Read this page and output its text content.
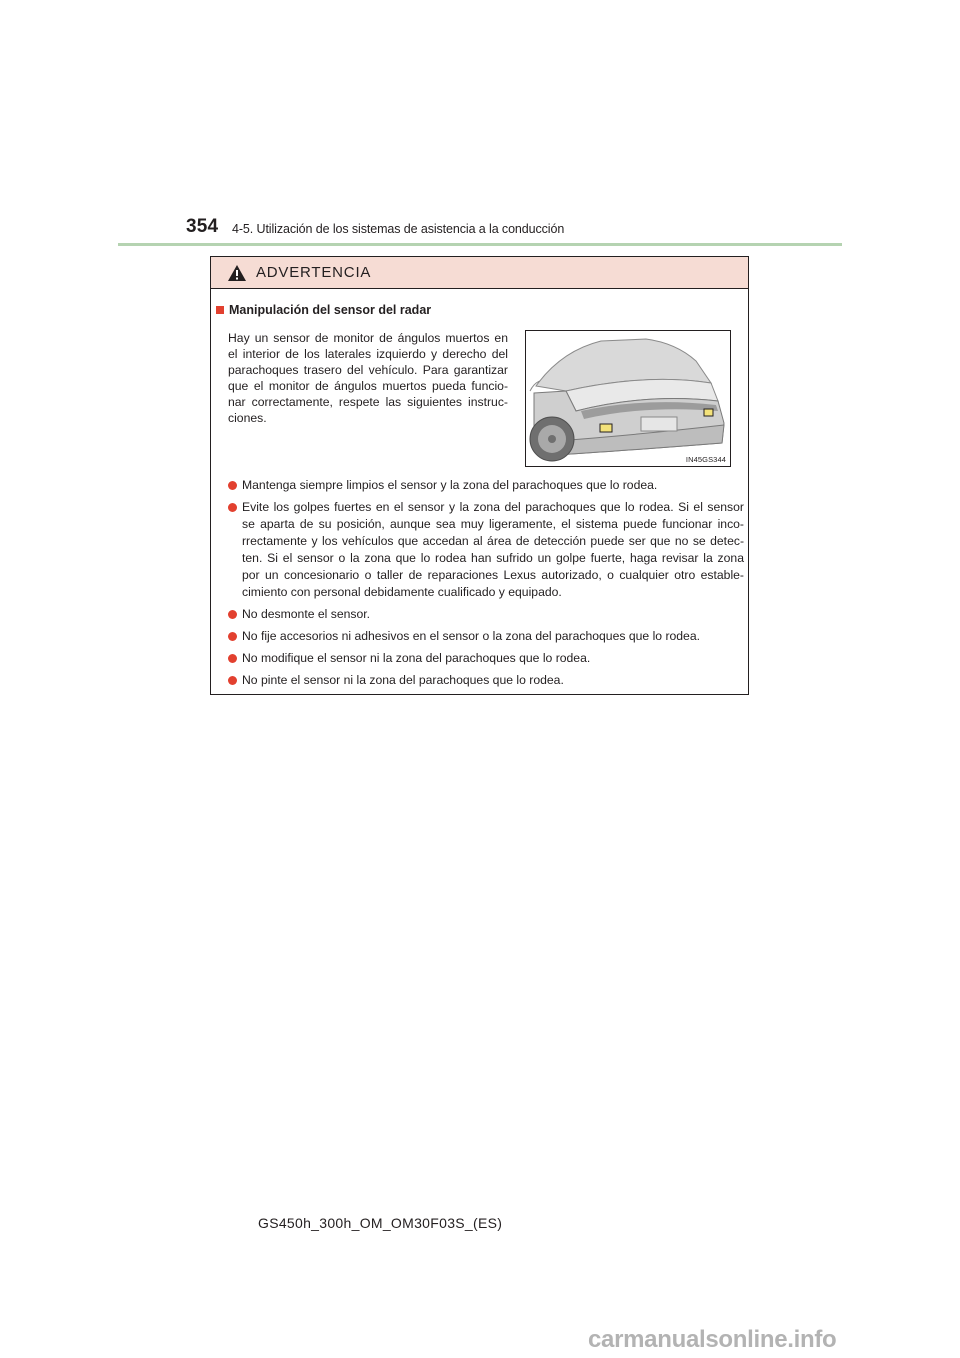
354 4-5. Utilización de los sistemas de asistencia a la conducción
ADVERTENCIA
Manipulación del sensor del radar
Hay un sensor de monitor de ángulos muertos en
el interior de los laterales izquierdo y derecho del
parachoques trasero del vehículo. Para garantizar
que el monitor de ángulos muertos pueda funcio-
nar correctamente, respete las siguientes instruc-
ciones.
IN45GS344
Mantenga siempre limpios el sensor y la zona del parachoques que lo rodea.
Evite los golpes fuertes en el sensor y la zona del parachoques que lo rodea. Si el sensor
se aparta de su posición, aunque sea muy ligeramente, el sistema puede funcionar inco-
rrectamente y los vehículos que accedan al área de detección puede ser que no se detec-
ten. Si el sensor o la zona que lo rodea han sufrido un golpe fuerte, haga revisar la zona
por un concesionario o taller de reparaciones Lexus autorizado, o cualquier otro estable-
cimiento con personal debidamente cualificado y equipado.
No desmonte el sensor.
No fije accesorios ni adhesivos en el sensor o la zona del parachoques que lo rodea.
No modifique el sensor ni la zona del parachoques que lo rodea.
No pinte el sensor ni la zona del parachoques que lo rodea.
GS450h_300h_OM_OM30F03S_(ES)
carmanualsonline.info
